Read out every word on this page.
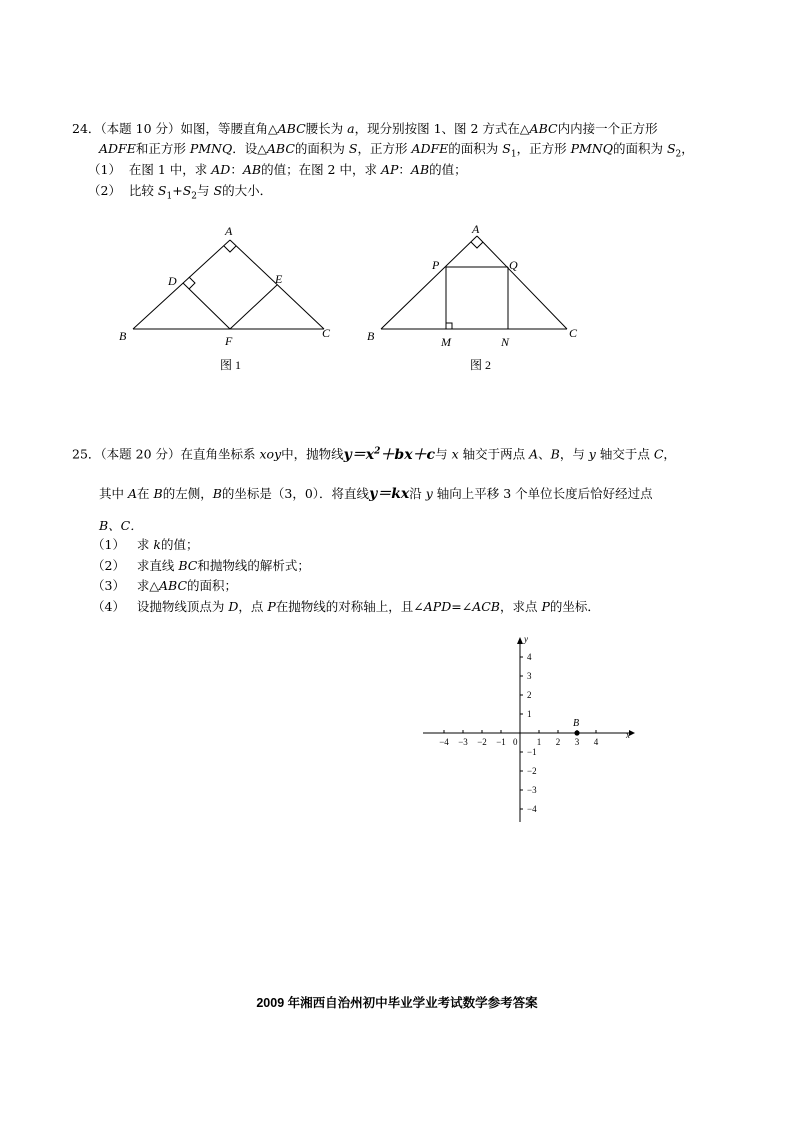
24．（本题 10 分）如图，等腰直角△ABC腰长为 a，现分别按图 1、图 2 方式在△ABC内内接一个正方形
ADFE和正方形 PMNQ．设△ABC的面积为 S，正方形 ADFE的面积为 $S_1$，正方形 PMNQ的面积为 $S_2$，
（1） 在图 1 中，求 AD：AB的值；在图 2 中，求 AP：AB的值；
（2） 比较 $S_1+S_2$与 S的大小．
A
D	E
B	F
C
图 1
A
P	Q
B	M	N
C
图 2
25．（本题 20 分）在直角坐标系 xoy中，抛物线$y=x^2+bx+c$与 x 轴交于两点 A、B，与 y 轴交于点 C，
其中 A在 B的左侧，B的坐标是（3，0）．将直线y＝kx沿 y 轴向上平移 3 个单位长度后恰好经过点
B、C．
（1） 求 k的值；
（2） 求直线 BC和抛物线的解析式；
（3） 求△ABC的面积；
（4） 设抛物线顶点为 D，点 P在抛物线的对称轴上，且∠APD=∠ACB，求点 P的坐标．
x
y
0
−4 −3 −2 −1	1 2 3 4
4
3
2
1
−1
−2
−3
−4
B
2009 年湘西自治州初中毕业学业考试数学参考答案
